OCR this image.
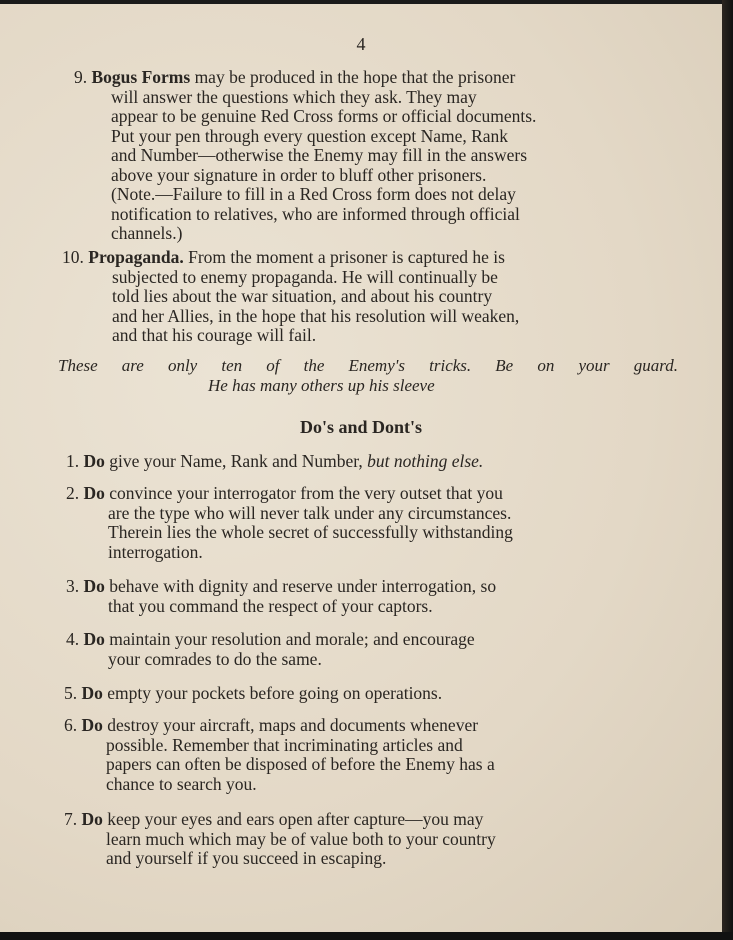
4
9. Bogus Forms may be produced in the hope that the prisoner
will answer the questions which they ask. They may
appear to be genuine Red Cross forms or official documents.
Put your pen through every question except Name, Rank
and Number—otherwise the Enemy may fill in the answers
above your signature in order to bluff other prisoners.
(Note.—Failure to fill in a Red Cross form does not delay
notification to relatives, who are informed through official
channels.)
10. Propaganda. From the moment a prisoner is captured he is
subjected to enemy propaganda. He will continually be
told lies about the war situation, and about his country
and her Allies, in the hope that his resolution will weaken,
and that his courage will fail.
These are only ten of the Enemy's tricks. Be on your guard.
He has many others up his sleeve
Do's and Dont's
1. Do give your Name, Rank and Number, but nothing else.
2. Do convince your interrogator from the very outset that you
are the type who will never talk under any circumstances.
Therein lies the whole secret of successfully withstanding
interrogation.
3. Do behave with dignity and reserve under interrogation, so
that you command the respect of your captors.
4. Do maintain your resolution and morale; and encourage
your comrades to do the same.
5. Do empty your pockets before going on operations.
6. Do destroy your aircraft, maps and documents whenever
possible. Remember that incriminating articles and
papers can often be disposed of before the Enemy has a
chance to search you.
7. Do keep your eyes and ears open after capture—you may
learn much which may be of value both to your country
and yourself if you succeed in escaping.
